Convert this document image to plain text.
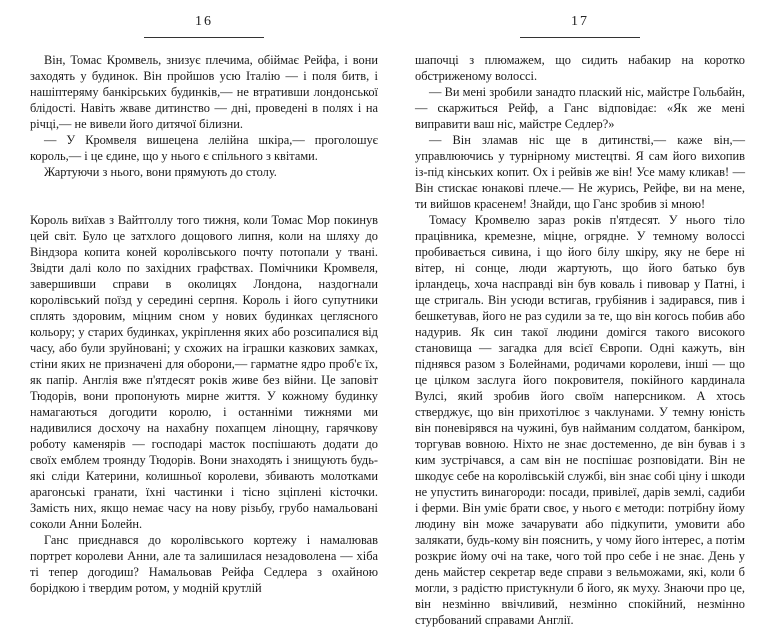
16

Він, Томас Кромвель, знизує плечима, обіймає Рейфа, і вони заходять у будинок. Він пройшов усю Італію — і поля битв, і нашіптеряму банкірських будинків,— не втративши лондонської блідості. Навіть жваве дитинство — дні, проведені в полях і на річці,— не вивели його дитячої білизни.

— У Кромвеля вишецена лелійна шкіра,— проголошує король,— і це єдине, що у нього є спільного з квітами.

Жартуючи з нього, вони прямують до столу.

Король виїхав з Вайтголлу того тижня, коли Томас Мор покинув цей світ. Було це затхлого дощового липня, коли на шляху до Віндзора копита коней королівського почту потопали у твані. Звідти далі коло по західних графствах. Помічники Кромвеля, завершивши справи в околицях Лондона, наздогнали королівський поїзд у середині серпня. Король і його супутники сплять здоровим, міцним сном у нових будинках цеглясного кольору; у старих будинках, укріплення яких або розсипалися від часу, або були зруйновані; у схожих на іграшки казкових замках, стіни яких не призначені для оборони,— гарматне ядро проб'є їх, як папір. Англія вже п'ятдесят років живе без війни. Це заповіт Тюдорів, вони пропонують мирне життя. У кожному будинку намагаються догодити королю, і останніми тижнями ми надивилися досхочу на нахабну похапцем лінощну, гарячкову роботу каменярів — господарі масток поспішають додати до своїх емблем троянду Тюдорів. Вони знаходять і знищують будь-які сліди Катерини, колишньої королеви, збивають молотками арагонські гранати, їхні частинки і тісно зціплені кісточки. Замість них, якщо немає часу на нову різьбу, грубо намальовані соколи Анни Болейн.

Ганс приєднався до королівського кортежу і намалював портрет королеви Анни, але та залишилася незадоволена — хіба ті тепер догодиш? Намальовав Рейфа Седлера з охайною борідкою і твердим ротом, у модній крутлій

17

шапочці з плюмажем, що сидить набакир на коротко обстриженому волоссі.

— Ви мені зробили занадто плаский ніс, майстре Гольбайн,— скаржиться Рейф, а Ганс відповідає: «Як же мені виправити ваш ніс, майстре Седлер?»

— Він зламав ніс ще в дитинстві,— каже він,— управлюючись у турнірному мистецтві. Я сам його вихопив із-під кінських копит. Ох і рейвів же він! Усе маму кликав! — Він стискає юнакові плече.— Не журись, Рейфе, ви на мене, ти вийшов красенем! Знайди, що Ганс зробив зі мною!

Томасу Кромвелю зараз років п'ятдесят. У нього тіло працівника, кремезне, міцне, огрядне. У темному волоссі пробивається сивина, і що його білу шкіру, яку не бере ні вітер, ні сонце, люди жартують, що його батько був ірландець, хоча насправді він був коваль і пивовар у Патні, і ще стригаль. Він усюди встигав, грубіянив і задирався, пив і бешкетував, його не раз судили за те, що він когось побив або надурив. Як син такої людини домігся такого високого становища — загадка для всієї Європи. Одні кажуть, він піднявся разом з Болейнами, родичами королеви, інші — що це цілком заслуга його покровителя, покійного кардинала Вулсі, який зробив його своїм наперсником. А хтось стверджує, що він прихотілює з чаклунами. У темну юність він поневірявся на чужині, був найманим солдатом, банкіром, торгував вовною. Ніхто не знає достеменно, де він бував і з ким зустрічався, а сам він не поспішає розповідати. Він не шкодує себе на королівській службі, він знає собі ціну і шкоди не упустить винагороди: посади, привілеї, дарів землі, садиби і ферми. Він уміє брати своє, у нього є методи: потрібну йому людину він може зачарувати або підкупити, умовити або залякати, будь-кому він пояснить, у чому його інтерес, а потім розкриє йому очі на таке, чого той про себе і не знає. День у день майстер секретар веде справи з вельможами, які, коли б могли, з радістю пристукнули б його, як муху. Знаючи про це, він незмінно ввічливий, незмінно спокійний, незмінно стурбований справами Англії.
